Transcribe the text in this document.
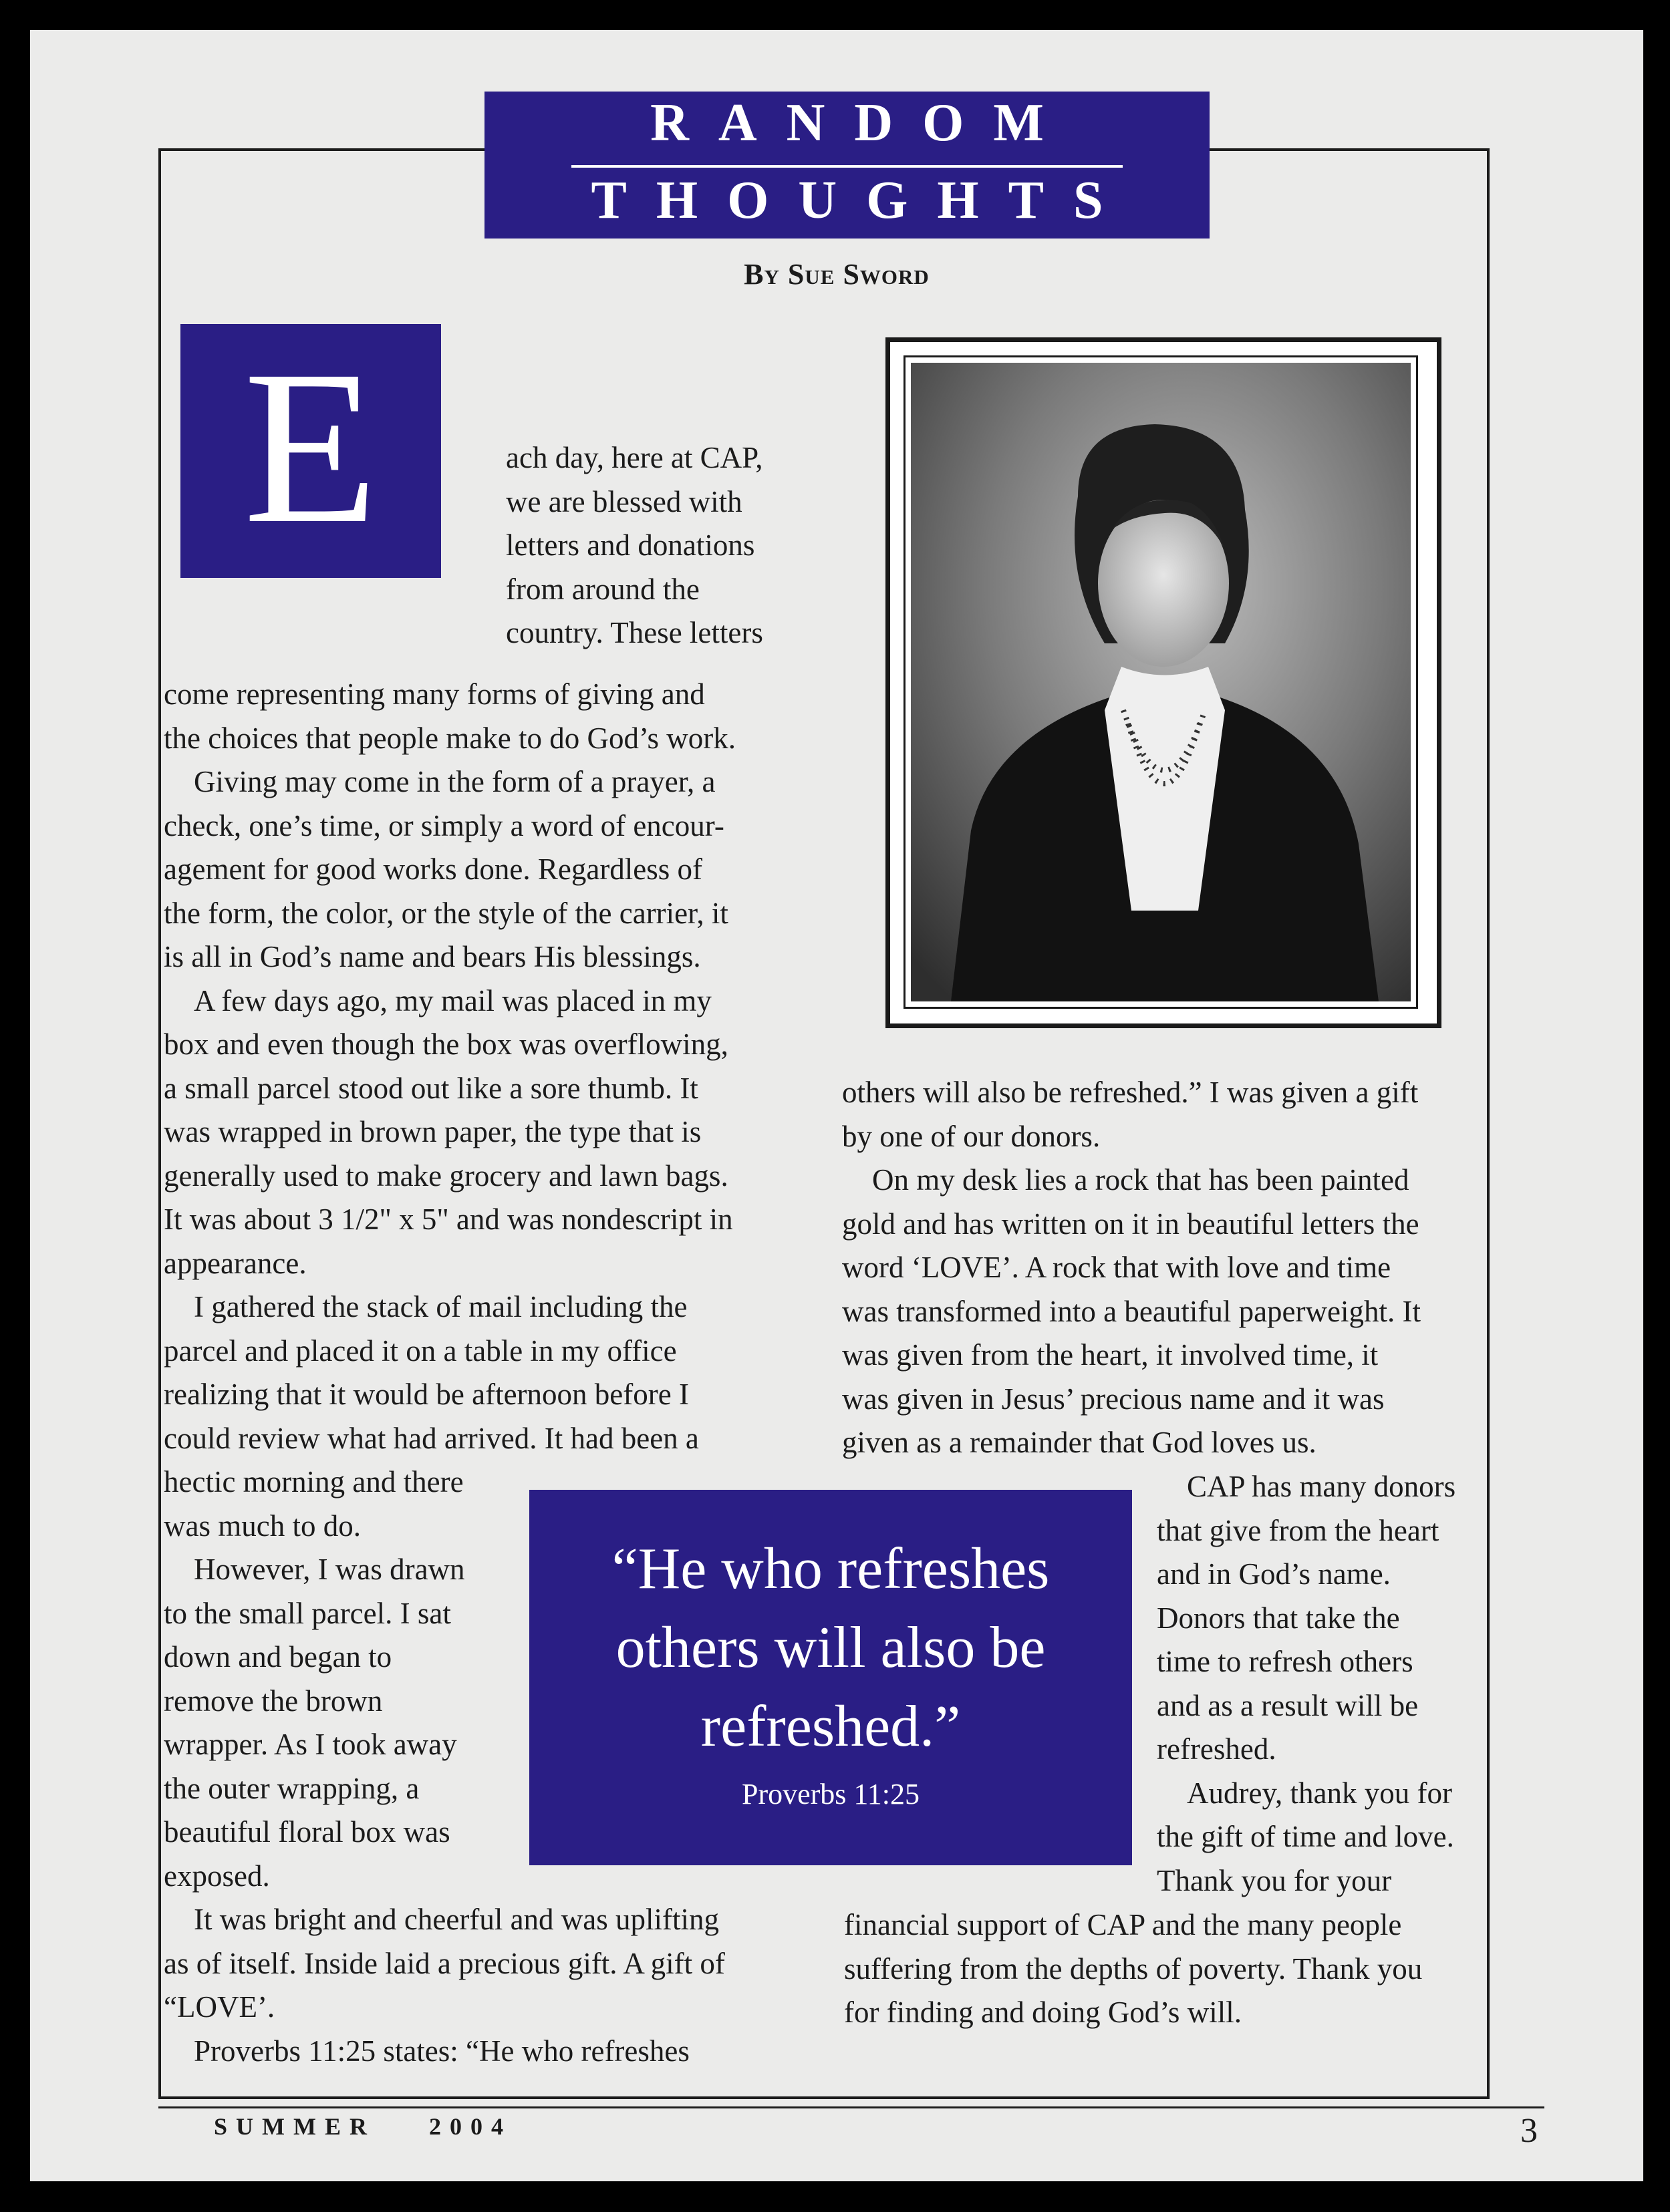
RANDOM
THOUGHTS
By Sue Sword
E	ach day, here at CAP,
we are blessed with
letters and donations
from around the
country. These letters
come representing many forms of giving and
the choices that people make to do God’s work.
 Giving may come in the form of a prayer, a
check, one’s time, or simply a word of encour-
agement for good works done. Regardless of
the form, the color, or the style of the carrier, it
is all in God’s name and bears His blessings.
 A few days ago, my mail was placed in my
box and even though the box was overflowing,
a small parcel stood out like a sore thumb. It
was wrapped in brown paper, the type that is
generally used to make grocery and lawn bags.
It was about 3 1/2" x 5" and was nondescript in
appearance.
 I gathered the stack of mail including the
parcel and placed it on a table in my office
realizing that it would be afternoon before I
could review what had arrived. It had been a
hectic morning and there
was much to do.
 However, I was drawn
to the small parcel. I sat
down and began to
remove the brown
wrapper. As I took away
the outer wrapping, a
beautiful floral box was
exposed.
 It was bright and cheerful and was uplifting
as of itself. Inside laid a precious gift. A gift of
“LOVE’.
 Proverbs 11:25 states: “He who refreshes
others will also be refreshed.” I was given a gift
by one of our donors.
 On my desk lies a rock that has been painted
gold and has written on it in beautiful letters the
word ‘LOVE’. A rock that with love and time
was transformed into a beautiful paperweight. It
was given from the heart, it involved time, it
was given in Jesus’ precious name and it was
given as a remainder that God loves us.
 CAP has many donors
that give from the heart
and in God’s name.
Donors that take the
time to refresh others
and as a result will be
refreshed.
 Audrey, thank you for
the gift of time and love.
Thank you for your
financial support of CAP and the many people
suffering from the depths of poverty. Thank you
for finding and doing God’s will.
“He who refreshes
others will also be
refreshed.”
Proverbs 11:25
SUMMER 2004	3
